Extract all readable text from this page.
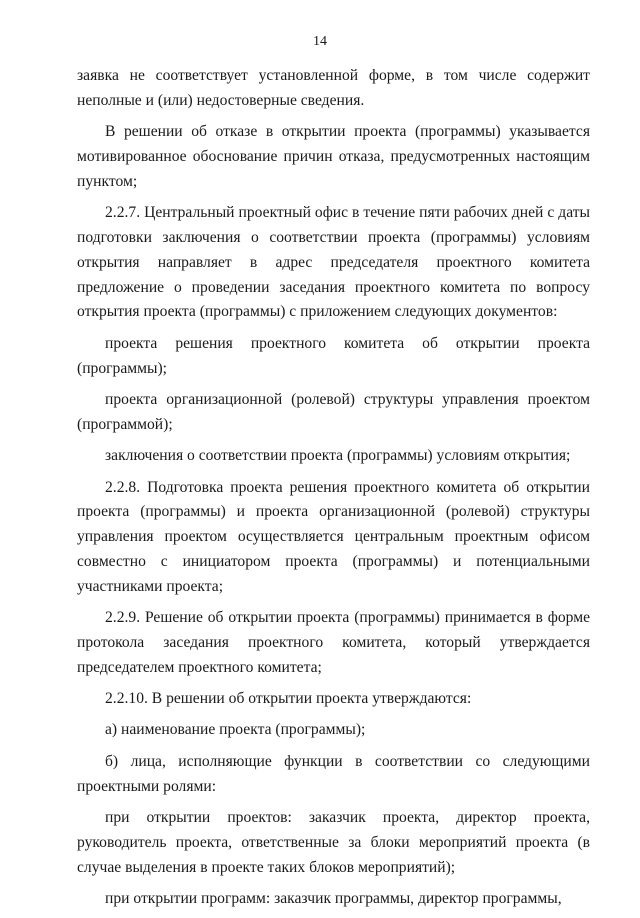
14

заявка не соответствует установленной форме, в том числе содержит неполные и (или) недостоверные сведения.

В решении об отказе в открытии проекта (программы) указывается мотивированное обоснование причин отказа, предусмотренных настоящим пунктом;

2.2.7. Центральный проектный офис в течение пяти рабочих дней с даты подготовки заключения о соответствии проекта (программы) условиям открытия направляет в адрес председателя проектного комитета предложение о проведении заседания проектного комитета по вопросу открытия проекта (программы) с приложением следующих документов:

проекта решения проектного комитета об открытии проекта (программы);

проекта организационной (ролевой) структуры управления проектом (программой);

заключения о соответствии проекта (программы) условиям открытия;

2.2.8. Подготовка проекта решения проектного комитета об открытии проекта (программы) и проекта организационной (ролевой) структуры управления проектом осуществляется центральным проектным офисом совместно с инициатором проекта (программы) и потенциальными участниками проекта;

2.2.9. Решение об открытии проекта (программы) принимается в форме протокола заседания проектного комитета, который утверждается председателем проектного комитета;

2.2.10. В решении об открытии проекта утверждаются:

а) наименование проекта (программы);

б) лица, исполняющие функции в соответствии со следующими проектными ролями:

при открытии проектов: заказчик проекта, директор проекта, руководитель проекта, ответственные за блоки мероприятий проекта (в случае выделения в проекте таких блоков мероприятий);

при открытии программ: заказчик программы, директор программы,
